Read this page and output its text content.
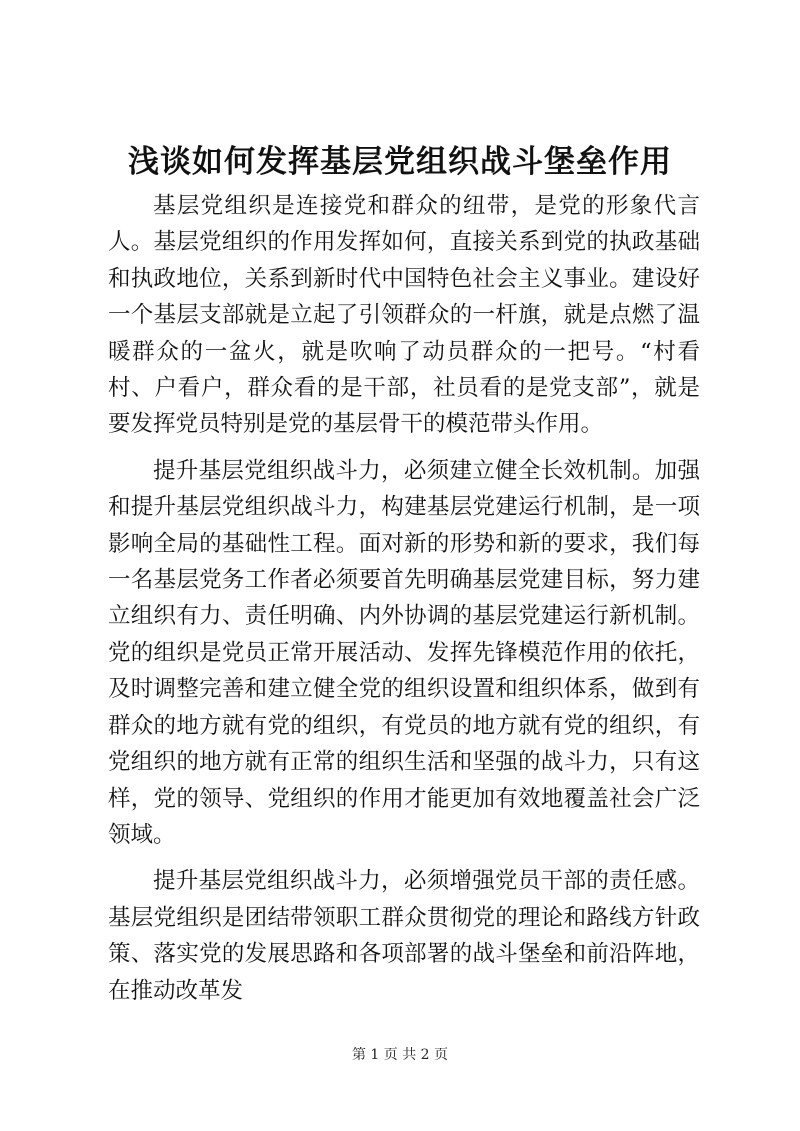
浅谈如何发挥基层党组织战斗堡垒作用

基层党组织是连接党和群众的纽带，是党的形象代言人。基层党组织的作用发挥如何，直接关系到党的执政基础和执政地位，关系到新时代中国特色社会主义事业。建设好一个基层支部就是立起了引领群众的一杆旗，就是点燃了温暖群众的一盆火，就是吹响了动员群众的一把号。“村看村、户看户，群众看的是干部，社员看的是党支部”，就是要发挥党员特别是党的基层骨干的模范带头作用。

提升基层党组织战斗力，必须建立健全长效机制。加强和提升基层党组织战斗力，构建基层党建运行机制，是一项影响全局的基础性工程。面对新的形势和新的要求，我们每一名基层党务工作者必须要首先明确基层党建目标，努力建立组织有力、责任明确、内外协调的基层党建运行新机制。党的组织是党员正常开展活动、发挥先锋模范作用的依托，及时调整完善和建立健全党的组织设置和组织体系，做到有群众的地方就有党的组织，有党员的地方就有党的组织，有党组织的地方就有正常的组织生活和坚强的战斗力，只有这样，党的领导、党组织的作用才能更加有效地覆盖社会广泛领域。

提升基层党组织战斗力，必须增强党员干部的责任感。基层党组织是团结带领职工群众贯彻党的理论和路线方针政策、落实党的发展思路和各项部署的战斗堡垒和前沿阵地，在推动改革发

第 1 页 共 2 页
